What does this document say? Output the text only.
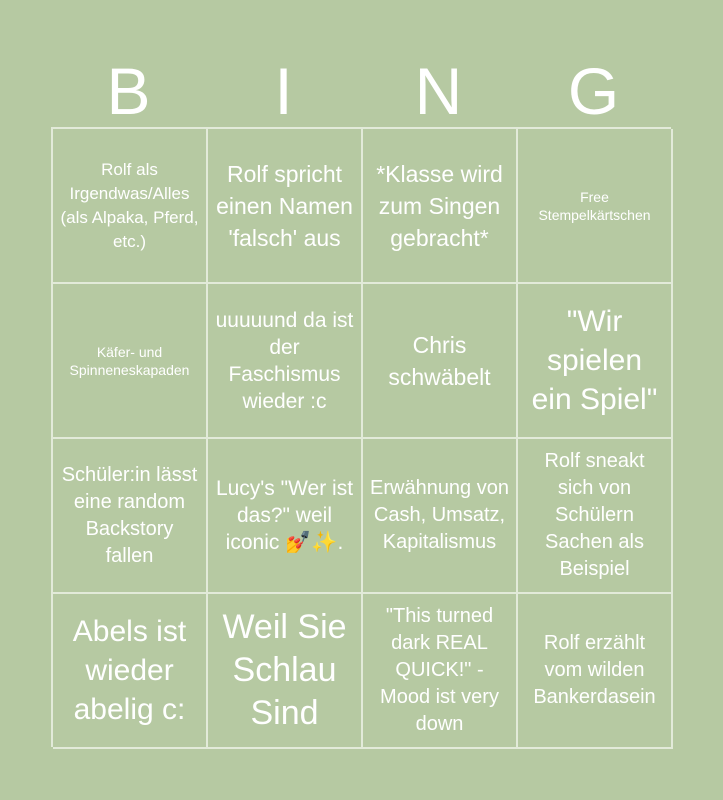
B	I	N	G
Rolf als Irgendwas/Alles (als Alpaka, Pferd, etc.)
Rolf spricht einen Namen 'falsch' aus
*Klasse wird zum Singen gebracht*
Free Stempelkärtschen
Käfer- und Spinneneskapaden
uuuuund da ist der Faschismus wieder :c
Chris schwäbelt
"Wir spielen ein Spiel"
Schüler:in lässt eine random Backstory fallen
Lucy's "Wer ist das?" weil iconic 💅✨.
Erwähnung von Cash, Umsatz, Kapitalismus
Rolf sneakt sich von Schülern Sachen als Beispiel
Abels ist wieder abelig c:
Weil Sie Schlau Sind
"This turned dark REAL QUICK!" - Mood ist very down
Rolf erzählt vom wilden Bankerdasein
